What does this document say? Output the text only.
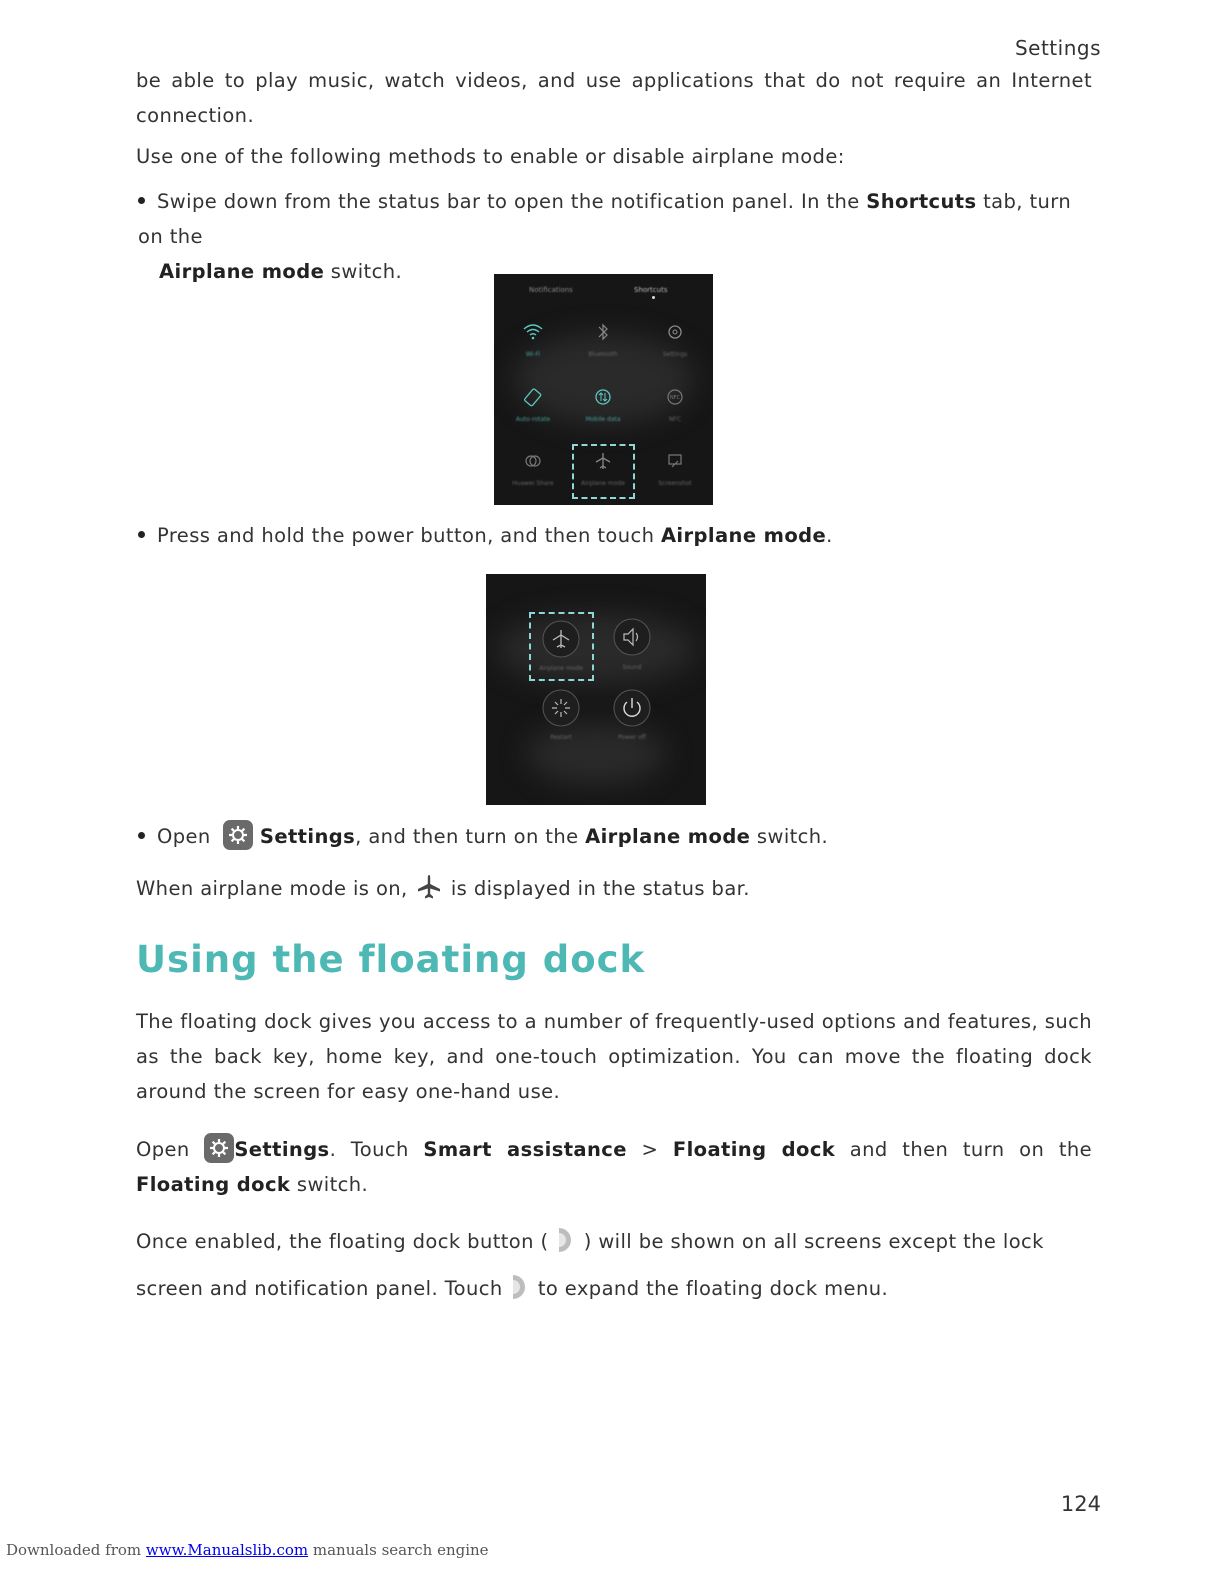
Settings
be able to play music, watch videos, and use applications that do not require an Internet connection.
Use one of the following methods to enable or disable airplane mode:
Swipe down from the status bar to open the notification panel. In the Shortcuts tab, turn on the
Airplane mode switch.
Notifications	Shortcuts
Wi-Fi	Bluetooth	Settings
Auto-rotate	Mobile data
NFC
NFC
Huawei Share	Airplane mode	Screenshot
Press and hold the power button, and then touch Airplane mode.
Airplane mode	Sound
Restart	Power off
Open
Settings, and then turn on the Airplane mode switch.
When airplane mode is on,  is displayed in the status bar.
Using the floating dock
The floating dock gives you access to a number of frequently-used options and features, such as the back key, home key, and one-touch optimization. You can move the floating dock around the screen for easy one-hand use.
Open
Settings. Touch Smart assistance > Floating dock and then turn on the Floating dock switch.
Once enabled, the floating dock button (  ) will be shown on all screens except the lock screen and notification panel. Touch  to expand the floating dock menu.
124
Downloaded from www.Manualslib.com manuals search engine
